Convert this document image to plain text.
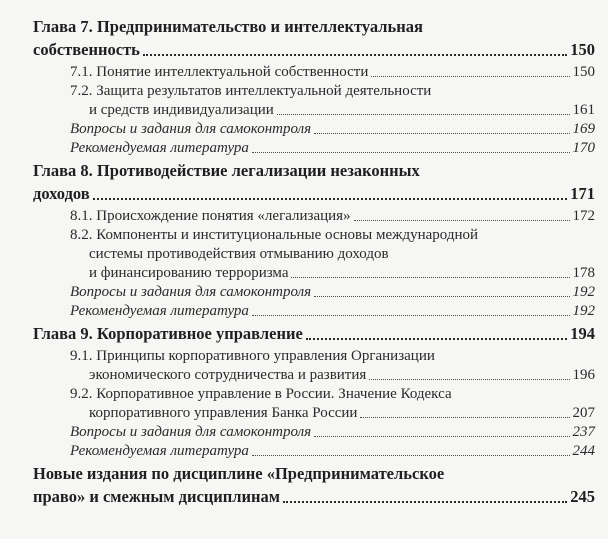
Глава 7. Предпринимательство и интеллектуальная
собственность	150
7.1. Понятие интеллектуальной собственности	150
7.2. Защита результатов интеллектуальной деятельности
и средств индивидуализации	161
Вопросы и задания для самоконтроля	169
Рекомендуемая литература	170
Глава 8. Противодействие легализации незаконных
доходов	171
8.1. Происхождение понятия «легализация»	172
8.2. Компоненты и институциональные основы международной
системы противодействия отмыванию доходов
и финансированию терроризма	178
Вопросы и задания для самоконтроля	192
Рекомендуемая литература	192
Глава 9. Корпоративное управление	194
9.1. Принципы корпоративного управления Организации
экономического сотрудничества и развития	196
9.2. Корпоративное управление в России. Значение Кодекса
корпоративного управления Банка России	207
Вопросы и задания для самоконтроля	237
Рекомендуемая литература	244
Новые издания по дисциплине «Предпринимательское
право» и смежным дисциплинам	245
